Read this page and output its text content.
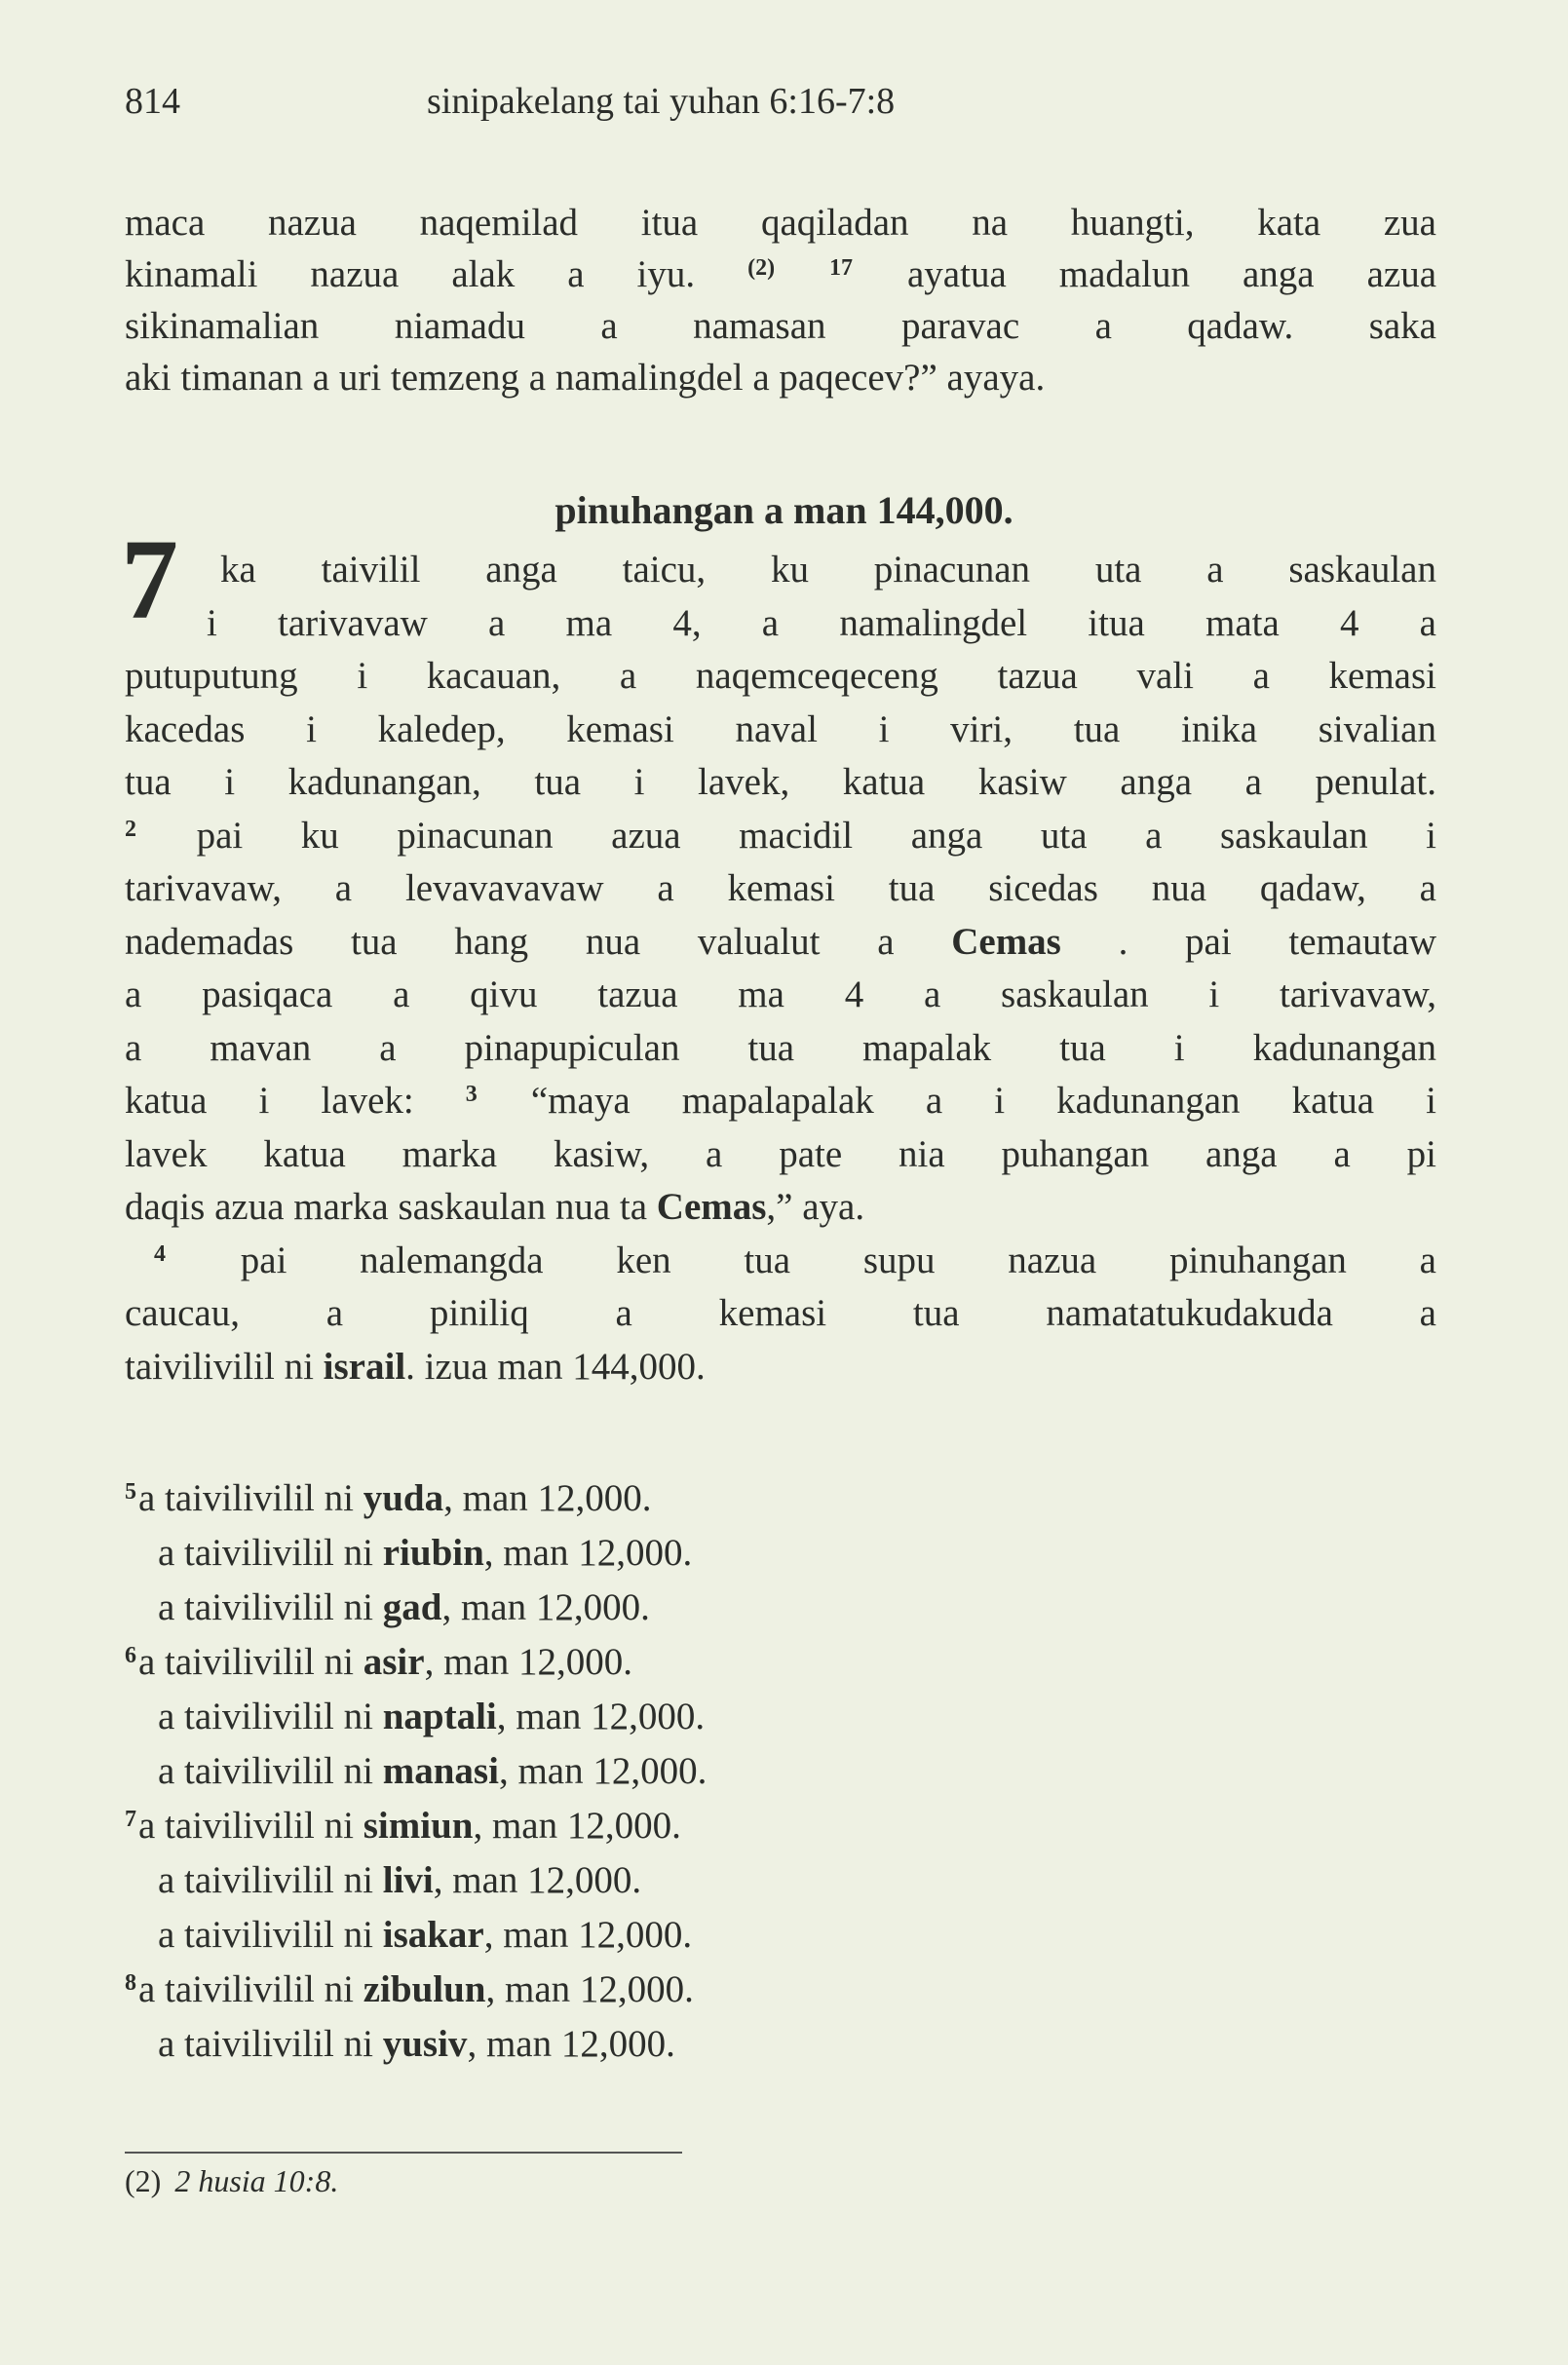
814	sinipakelang tai yuhan 6:16-7:8
maca nazua naqemilad itua qaqiladan na huangti, kata zua
kinamali nazua alak a iyu. $^{(2)}$ $^{17}$ ayatua madalun anga azua
sikinamalian niamadu a namasan paravac a qadaw. saka
aki timanan a uri temzeng a namalingdel a paqecev?” ayaya.
pinuhangan a man 144,000.
7 ka taivilil anga taicu, ku pinacunan uta a saskaulan
i tarivavaw a ma 4, a namalingdel itua mata 4 a
putuputung i kacauan, a naqemceqeceng tazua vali a kemasi
kacedas i kaledep, kemasi naval i viri, tua inika sivalian
tua i kadunangan, tua i lavek, katua kasiw anga a penulat.
$^2$ pai ku pinacunan azua macidil anga uta a saskaulan i
tarivavaw, a levavavavaw a kemasi tua sicedas nua qadaw, a
nademadas tua hang nua valualut a Cemas . pai temautaw
a pasiqaca a qivu tazua ma 4 a saskaulan i tarivavaw,
a mavan a pinapupiculan tua mapalak tua i kadunangan
katua i lavek: $^3$ “maya mapalapalak a i kadunangan katua i
lavek katua marka kasiw, a pate nia puhangan anga a pi
daqis azua marka saskaulan nua ta Cemas,” aya.
$^4$ pai nalemangda ken tua supu nazua pinuhangan a
caucau, a piniliq a kemasi tua namatatukudakuda a
taivilivilil ni israil. izua man 144,000.
$^5$a taivilivilil ni yuda, man 12,000.
a taivilivilil ni riubin, man 12,000.
a taivilivilil ni gad, man 12,000.
$^6$a taivilivilil ni asir, man 12,000.
a taivilivilil ni naptali, man 12,000.
a taivilivilil ni manasi, man 12,000.
$^7$a taivilivilil ni simiun, man 12,000.
a taivilivilil ni livi, man 12,000.
a taivilivilil ni isakar, man 12,000.
$^8$a taivilivilil ni zibulun, man 12,000.
a taivilivilil ni yusiv, man 12,000.
(2) 2 husia 10:8.
